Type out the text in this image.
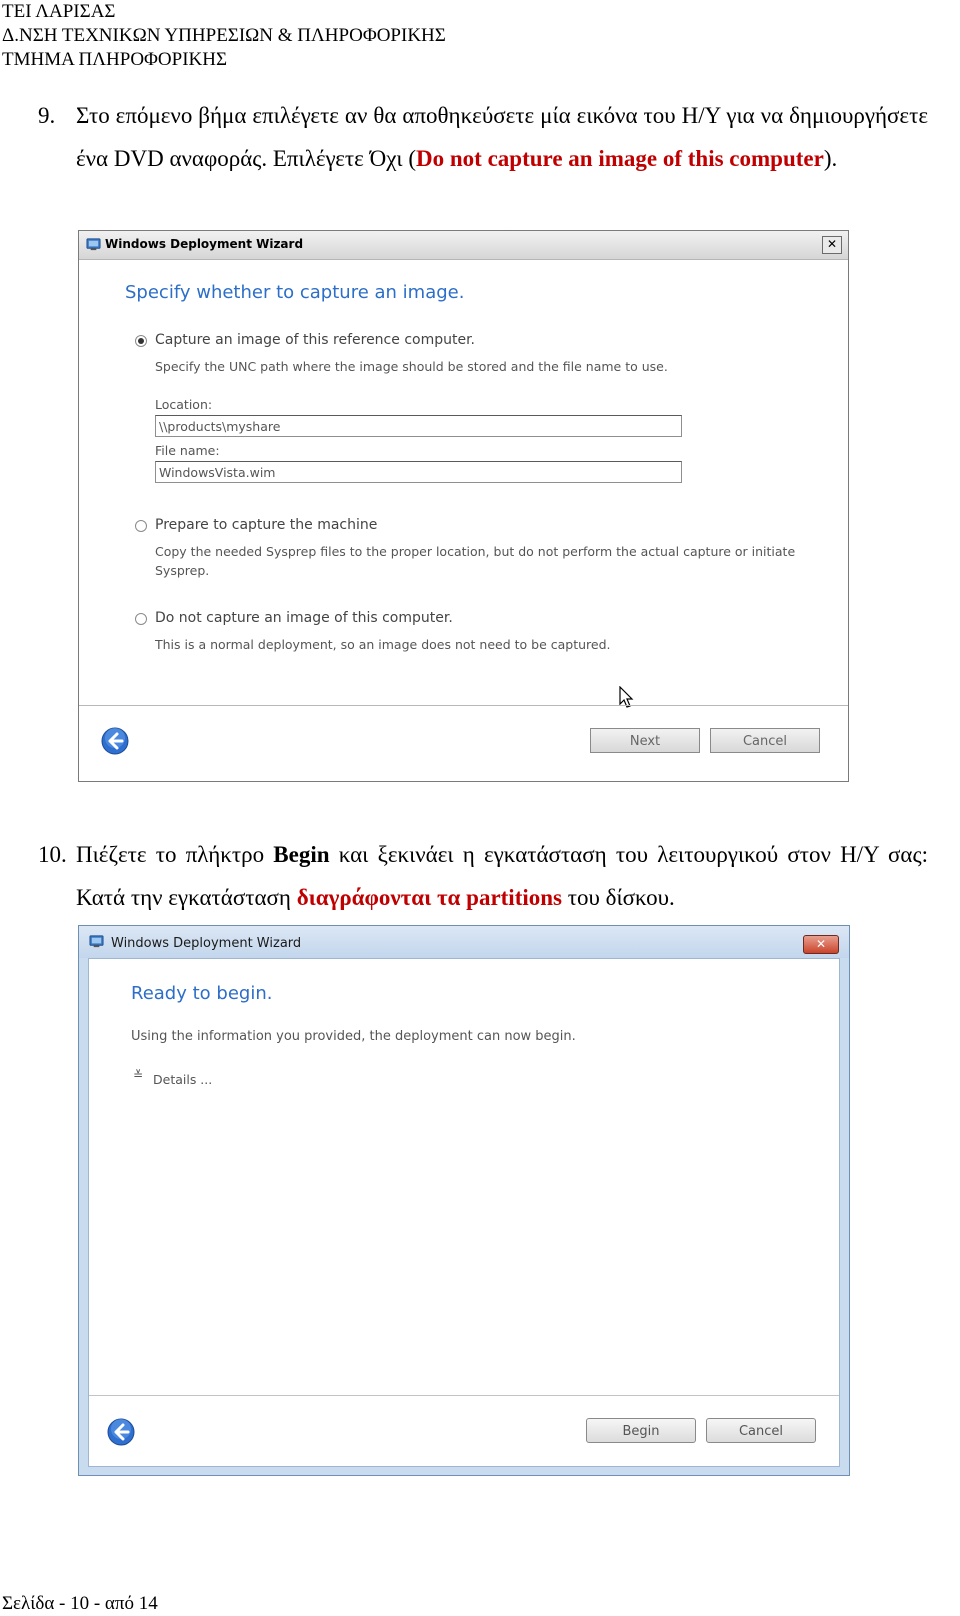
ΤΕΙ ΛΑΡΙΣΑΣ
Δ.ΝΣΗ ΤΕΧΝΙΚΩΝ ΥΠΗΡΕΣΙΩΝ & ΠΛΗΡΟΦΟΡΙΚΗΣ
ΤΜΗΜΑ ΠΛΗΡΟΦΟΡΙΚΗΣ
9. Στο επόμενο βήμα επιλέγετε αν θα αποθηκεύσετε μία εικόνα του Η/Υ για να δημιουργήσετε ένα DVD αναφοράς. Επιλέγετε Όχι (Do not capture an image of this computer).
Windows Deployment Wizard	✕
Specify whether to capture an image.
Capture an image of this reference computer.
Specify the UNC path where the image should be stored and the file name to use.
Location:
\\products\myshare
File name:
WindowsVista.wim
Prepare to capture the machine
Copy the needed Sysprep files to the proper location, but do not perform the actual capture or initiate
Sysprep.
Do not capture an image of this computer.
This is a normal deployment, so an image does not need to be captured.
Next	Cancel
10. Πιέζετε το πλήκτρο Begin και ξεκινάει η εγκατάσταση του λειτουργικού στον Η/Υ σας: Κατά την εγκατάσταση διαγράφονται τα partitions του δίσκου.
Windows Deployment Wizard	✕
Ready to begin.
Using the information you provided, the deployment can now begin.
≚ Details ...
Begin	Cancel
Σελίδα - 10 - από 14
